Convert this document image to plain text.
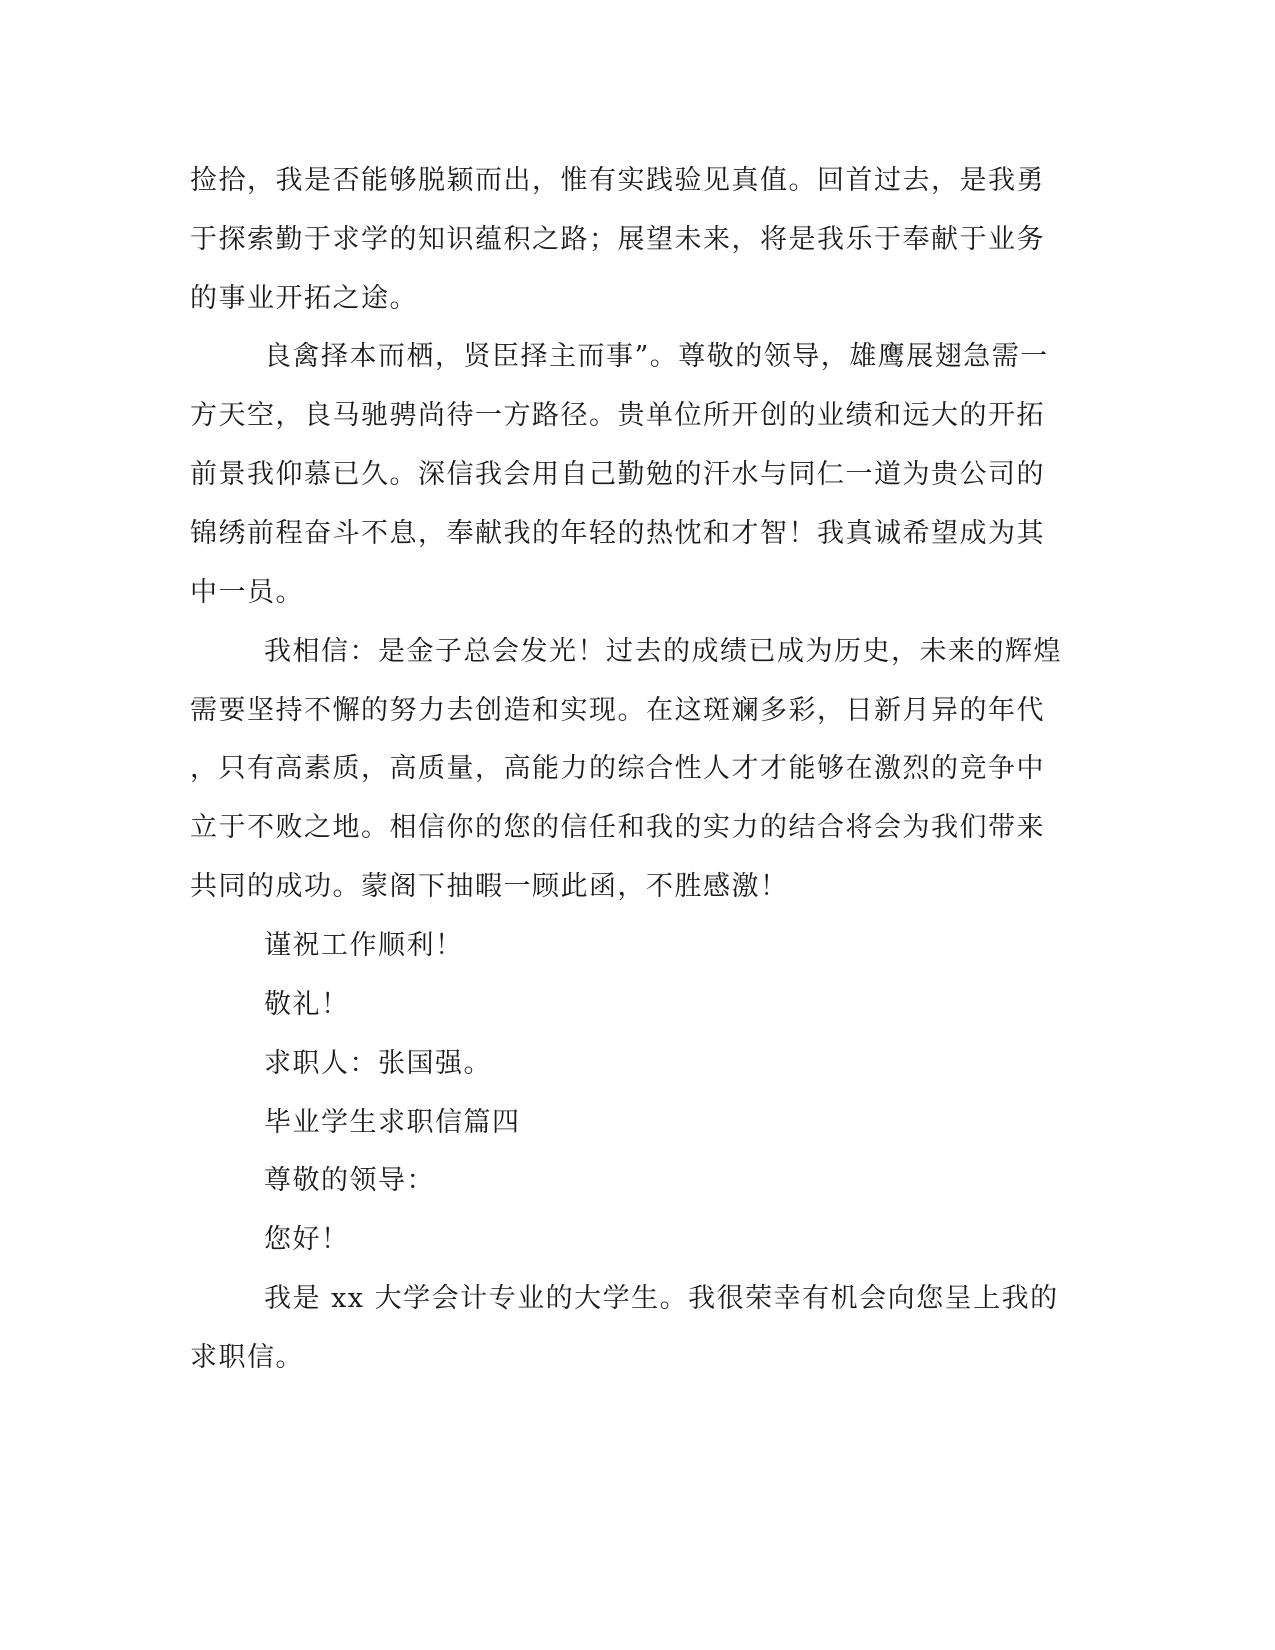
捡拾，我是否能够脱颖而出，惟有实践验见真值。回首过去，是我勇
于探索勤于求学的知识蕴积之路；展望未来，将是我乐于奉献于业务
的事业开拓之途。
良禽择本而栖，贤臣择主而事”。尊敬的领导，雄鹰展翅急需一
方天空，良马驰骋尚待一方路径。贵单位所开创的业绩和远大的开拓
前景我仰慕已久。深信我会用自己勤勉的汗水与同仁一道为贵公司的
锦绣前程奋斗不息，奉献我的年轻的热忱和才智！我真诚希望成为其
中一员。
我相信：是金子总会发光！过去的成绩已成为历史，未来的辉煌
需要坚持不懈的努力去创造和实现。在这斑斓多彩，日新月异的年代
，只有高素质，高质量，高能力的综合性人才才能够在激烈的竞争中
立于不败之地。相信你的您的信任和我的实力的结合将会为我们带来
共同的成功。蒙阁下抽暇一顾此函，不胜感激！
谨祝工作顺利！
敬礼！
求职人：张国强。
毕业学生求职信篇四
尊敬的领导：
您好！
我是 xx 大学会计专业的大学生。我很荣幸有机会向您呈上我的
求职信。
